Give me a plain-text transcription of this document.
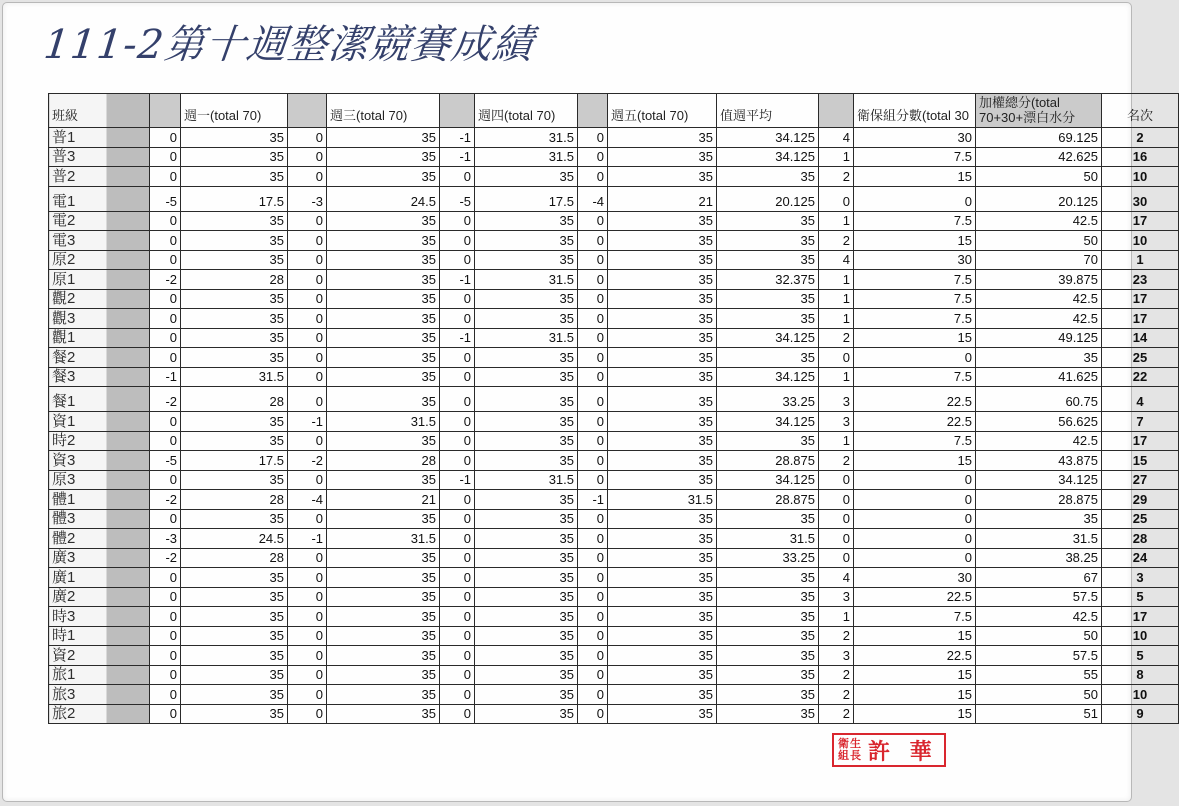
111-2第十週整潔競賽成績
班級		週一(total 70)		週三(total 70)		週四(total 70)		週五(total 70)	值週平均		衛保組分數(total 30	加權總分(total
70+30+漂白水分	名次
普1	0	35	0	35	-1	31.5	0	35	34.125	4	30	69.125	2
普3	0	35	0	35	-1	31.5	0	35	34.125	1	7.5	42.625	16
普2	0	35	0	35	0	35	0	35	35	2	15	50	10
電1	-5	17.5	-3	24.5	-5	17.5	-4	21	20.125	0	0	20.125	30
電2	0	35	0	35	0	35	0	35	35	1	7.5	42.5	17
電3	0	35	0	35	0	35	0	35	35	2	15	50	10
原2	0	35	0	35	0	35	0	35	35	4	30	70	1
原1	-2	28	0	35	-1	31.5	0	35	32.375	1	7.5	39.875	23
觀2	0	35	0	35	0	35	0	35	35	1	7.5	42.5	17
觀3	0	35	0	35	0	35	0	35	35	1	7.5	42.5	17
觀1	0	35	0	35	-1	31.5	0	35	34.125	2	15	49.125	14
餐2	0	35	0	35	0	35	0	35	35	0	0	35	25
餐3	-1	31.5	0	35	0	35	0	35	34.125	1	7.5	41.625	22
餐1	-2	28	0	35	0	35	0	35	33.25	3	22.5	60.75	4
資1	0	35	-1	31.5	0	35	0	35	34.125	3	22.5	56.625	7
時2	0	35	0	35	0	35	0	35	35	1	7.5	42.5	17
資3	-5	17.5	-2	28	0	35	0	35	28.875	2	15	43.875	15
原3	0	35	0	35	-1	31.5	0	35	34.125	0	0	34.125	27
體1	-2	28	-4	21	0	35	-1	31.5	28.875	0	0	28.875	29
體3	0	35	0	35	0	35	0	35	35	0	0	35	25
體2	-3	24.5	-1	31.5	0	35	0	35	31.5	0	0	31.5	28
廣3	-2	28	0	35	0	35	0	35	33.25	0	0	38.25	24
廣1	0	35	0	35	0	35	0	35	35	4	30	67	3
廣2	0	35	0	35	0	35	0	35	35	3	22.5	57.5	5
時3	0	35	0	35	0	35	0	35	35	1	7.5	42.5	17
時1	0	35	0	35	0	35	0	35	35	2	15	50	10
資2	0	35	0	35	0	35	0	35	35	3	22.5	57.5	5
旅1	0	35	0	35	0	35	0	35	35	2	15	55	8
旅3	0	35	0	35	0	35	0	35	35	2	15	50	10
旅2	0	35	0	35	0	35	0	35	35	2	15	51	9
衛生
組長 許 華
